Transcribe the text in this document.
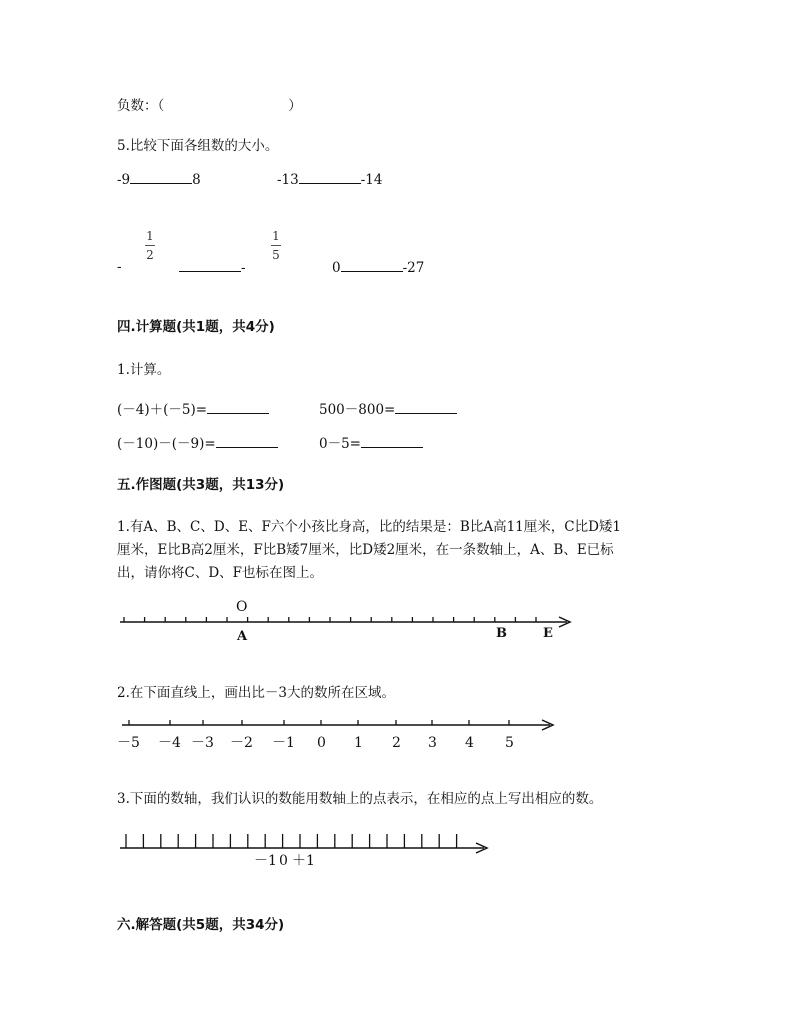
负数：（	）
5.比较下面各组数的大小。
-9	8	-13	-14
1
2
1
5
-	-	0	-27
四.计算题(共1题，共4分)
1.计算。
(－4)＋(－5)=	500－800=
(－10)－(－9)=	0－5=
五.作图题(共3题，共13分)
1.有A、B、C、D、E、F六个小孩比身高，比的结果是：B比A高11厘米，C比D矮1
厘米，E比B高2厘米，F比B矮7厘米，比D矮2厘米，在一条数轴上，A、B、E已标
出，请你将C、D、F也标在图上。
O
A	B	E
2.在下面直线上，画出比－3大的数所在区域。
－5 －4 －3 －2 －1 0 1 2 3 4 5
3.下面的数轴，我们认识的数能用数轴上的点表示，在相应的点上写出相应的数。
－1 0 ＋1
六.解答题(共5题，共34分)
